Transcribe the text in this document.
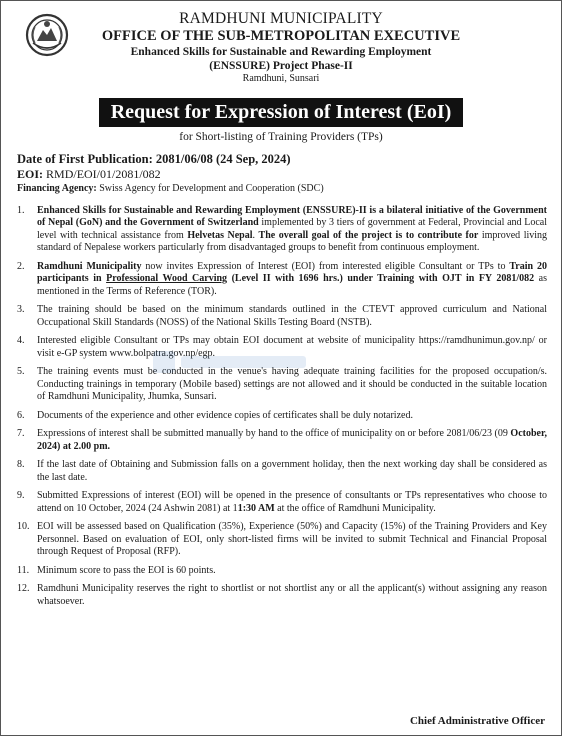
RAMDHUNI MUNICIPALITY
OFFICE OF THE SUB-METROPOLITAN EXECUTIVE
Enhanced Skills for Sustainable and Rewarding Employment
(ENSSURE) Project Phase-II
Ramdhuni, Sunsari
Request for Expression of Interest (EoI)
for Short-listing of Training Providers (TPs)
Date of First Publication: 2081/06/08 (24 Sep, 2024)
EOI: RMD/EOI/01/2081/082
Financing Agency: Swiss Agency for Development and Cooperation (SDC)
1. Enhanced Skills for Sustainable and Rewarding Employment (ENSSURE)-II is a bilateral initiative of the Government of Nepal (GoN) and the Government of Switzerland implemented by 3 tiers of government at Federal, Provincial and Local level with technical assistance from Helvetas Nepal. The overall goal of the project is to contribute for improved living standard of Nepalese workers particularly from disadvantaged groups to benefit from continuous employment.
2. Ramdhuni Municipality now invites Expression of Interest (EOI) from interested eligible Consultant or TPs to Train 20 participants in Professional Wood Carving (Level II with 1696 hrs.) under Training with OJT in FY 2081/082 as mentioned in the Terms of Reference (TOR).
3. The training should be based on the minimum standards outlined in the CTEVT approved curriculum and National Occupational Skill Standards (NOSS) of the National Skills Testing Board (NSTB).
4. Interested eligible Consultant or TPs may obtain EOI document at website of municipality https://ramdhunimun.gov.np/ or visit e-GP system www.bolpatra.gov.np/egp.
5. The training events must be conducted in the venue's having adequate training facilities for the proposed occupation/s. Conducting trainings in temporary (Mobile based) settings are not allowed and it should be conducted in the suitable location of Ramdhuni Municipality, Jhumka, Sunsari.
6. Documents of the experience and other evidence copies of certificates shall be duly notarized.
7. Expressions of interest shall be submitted manually by hand to the office of municipality on or before 2081/06/23 (09 October, 2024) at 2.00 pm.
8. If the last date of Obtaining and Submission falls on a government holiday, then the next working day shall be considered as the last date.
9. Submitted Expressions of interest (EOI) will be opened in the presence of consultants or TPs representatives who choose to attend on 10 October, 2024 (24 Ashwin 2081) at 11:30 AM at the office of Ramdhuni Municipality.
10. EOI will be assessed based on Qualification (35%), Experience (50%) and Capacity (15%) of the Training Providers and Key Personnel. Based on evaluation of EOI, only short-listed firms will be invited to submit Technical and Financial Proposal through Request of Proposal (RFP).
11. Minimum score to pass the EOI is 60 points.
12. Ramdhuni Municipality reserves the right to shortlist or not shortlist any or all the applicant(s) without assigning any reason whatsoever.
Chief Administrative Officer
